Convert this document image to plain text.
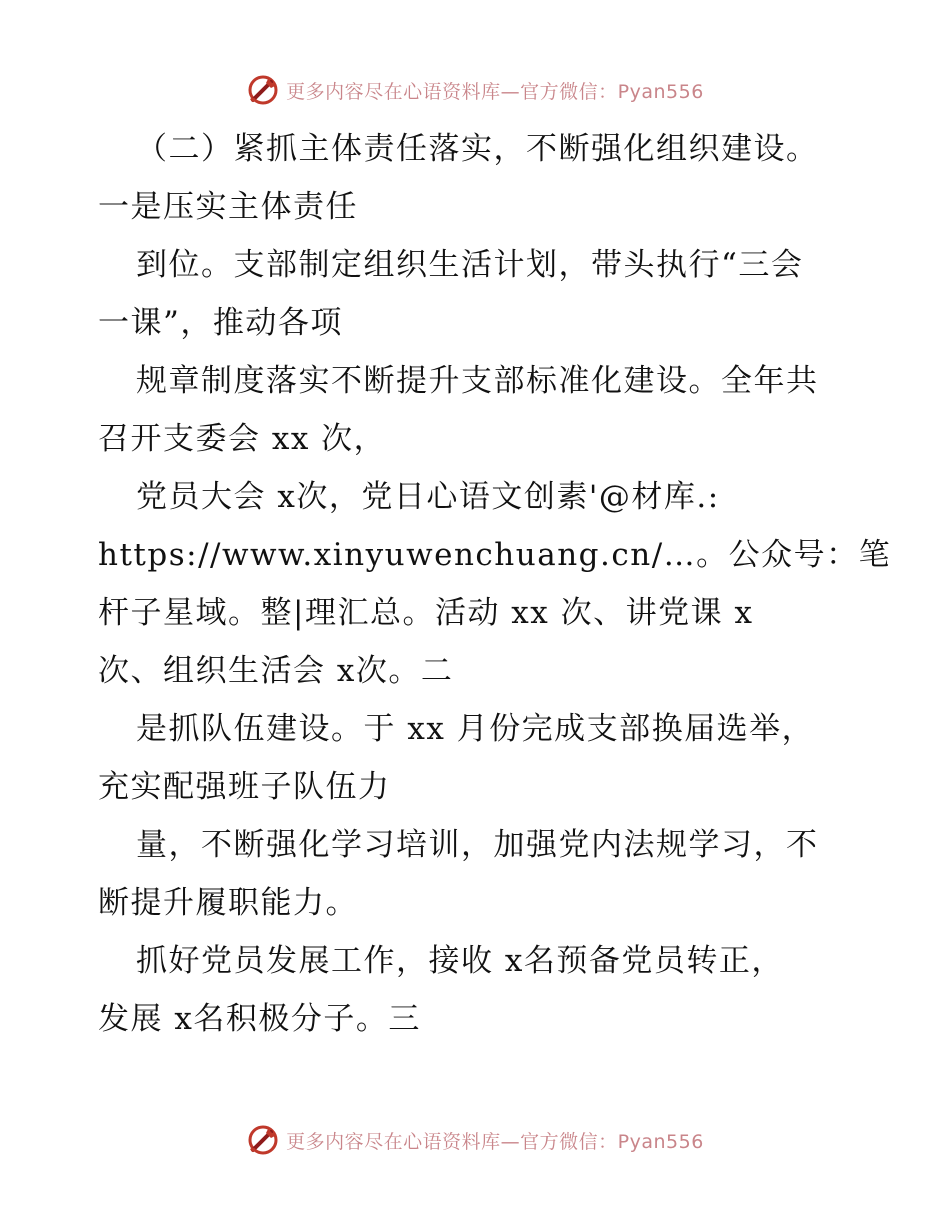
更多内容尽在心语资料库—官方微信：Pyan556
（二）紧抓主体责任落实，不断强化组织建设。
一是压实主体责任
到位。支部制定组织生活计划，带头执行“三会
一课”，推动各项
规章制度落实不断提升支部标准化建设。全年共
召开支委会 xx 次，
党员大会 x次，党日心语文创素'@材库.:
https://www.xinyuwenchuang.cn/…。公众号：笔
杆子星域。整|理汇总。活动 xx 次、讲党课 x
次、组织生活会 x次。二
是抓队伍建设。于 xx 月份完成支部换届选举，
充实配强班子队伍力
量，不断强化学习培训，加强党内法规学习，不
断提升履职能力。
抓好党员发展工作，接收 x名预备党员转正，
发展 x名积极分子。三
更多内容尽在心语资料库—官方微信：Pyan556
